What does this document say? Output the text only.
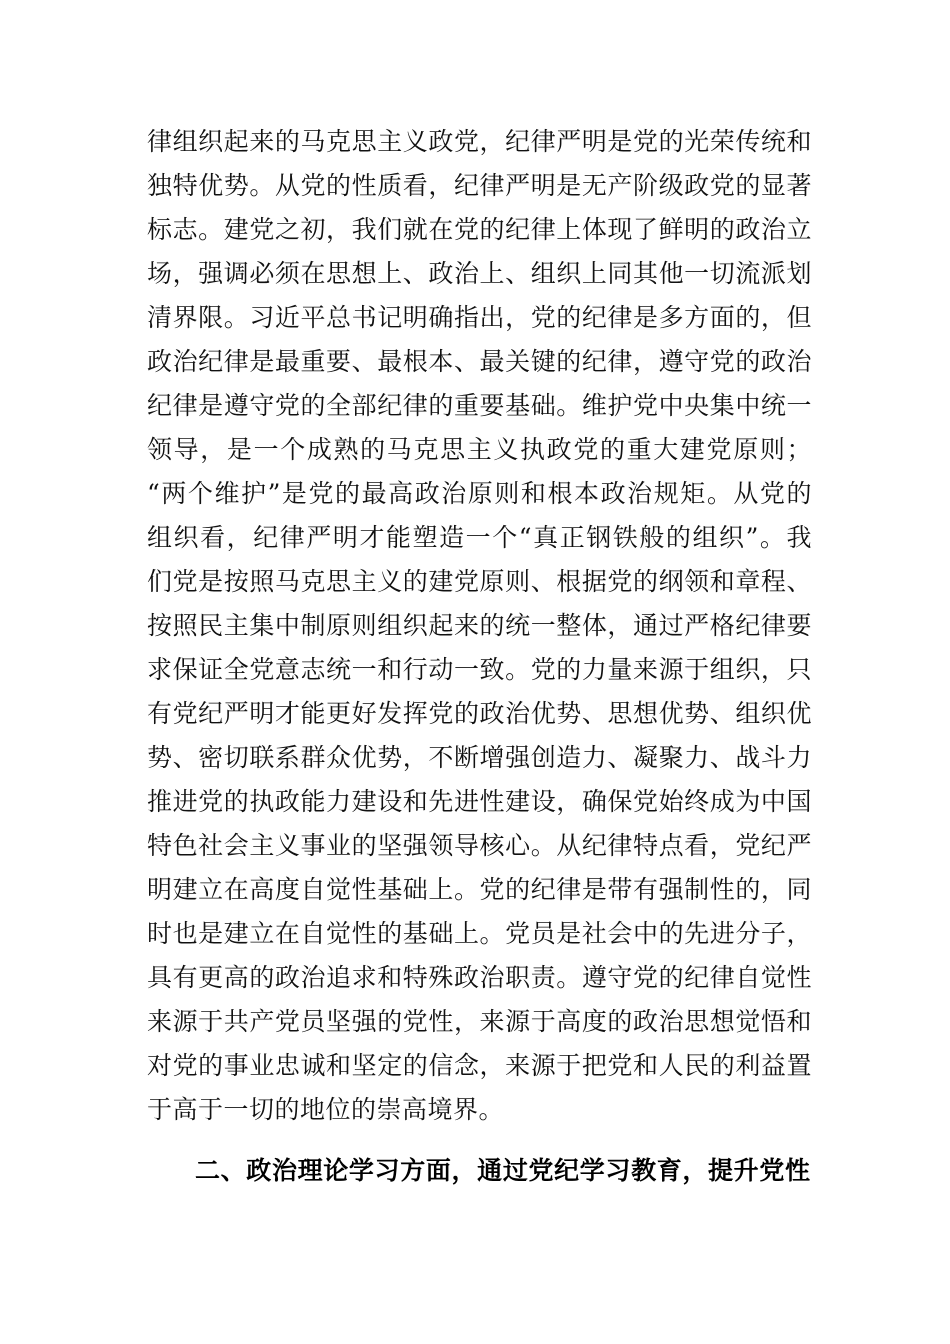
律组织起来的马克思主义政党，纪律严明是党的光荣传统和
独特优势。从党的性质看，纪律严明是无产阶级政党的显著
标志。建党之初，我们就在党的纪律上体现了鲜明的政治立
场，强调必须在思想上、政治上、组织上同其他一切流派划
清界限。习近平总书记明确指出，党的纪律是多方面的，但
政治纪律是最重要、最根本、最关键的纪律，遵守党的政治
纪律是遵守党的全部纪律的重要基础。维护党中央集中统一
领导，是一个成熟的马克思主义执政党的重大建党原则；
“两个维护”是党的最高政治原则和根本政治规矩。从党的
组织看，纪律严明才能塑造一个“真正钢铁般的组织”。我
们党是按照马克思主义的建党原则、根据党的纲领和章程、
按照民主集中制原则组织起来的统一整体，通过严格纪律要
求保证全党意志统一和行动一致。党的力量来源于组织，只
有党纪严明才能更好发挥党的政治优势、思想优势、组织优
势、密切联系群众优势，不断增强创造力、凝聚力、战斗力
推进党的执政能力建设和先进性建设，确保党始终成为中国
特色社会主义事业的坚强领导核心。从纪律特点看，党纪严
明建立在高度自觉性基础上。党的纪律是带有强制性的，同
时也是建立在自觉性的基础上。党员是社会中的先进分子，
具有更高的政治追求和特殊政治职责。遵守党的纪律自觉性
来源于共产党员坚强的党性，来源于高度的政治思想觉悟和
对党的事业忠诚和坚定的信念，来源于把党和人民的利益置
于高于一切的地位的崇高境界。
二、政治理论学习方面，通过党纪学习教育，提升党性
